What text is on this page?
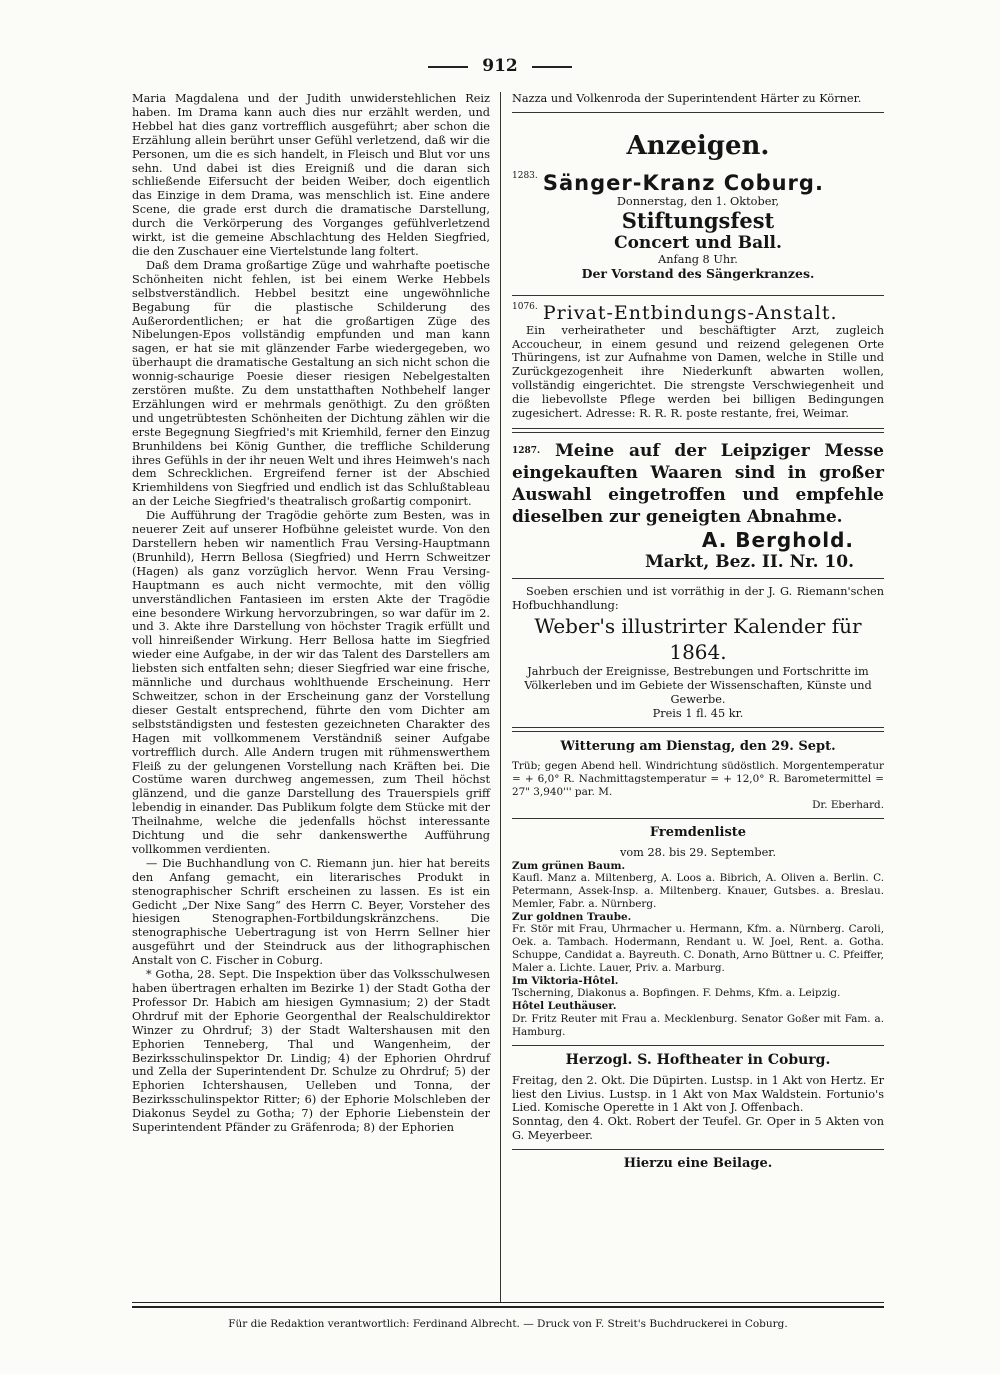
912

Maria Magdalena und der Judith unwiderstehlichen Reiz haben. Im Drama kann auch dies nur erzählt werden, und Hebbel hat dies ganz vortrefflich ausgeführt; aber schon die Erzählung allein berührt unser Gefühl verletzend, daß wir die Personen, um die es sich handelt, in Fleisch und Blut vor uns sehn. Und dabei ist dies Ereigniß und die daran sich schließende Eifersucht der beiden Weiber, doch eigentlich das Einzige in dem Drama, was menschlich ist. Eine andere Scene, die grade erst durch die dramatische Darstellung, durch die Verkörperung des Vorganges gefühlverletzend wirkt, ist die gemeine Abschlachtung des Helden Siegfried, die den Zuschauer eine Viertelstunde lang foltert.

Daß dem Drama großartige Züge und wahrhafte poetische Schönheiten nicht fehlen, ist bei einem Werke Hebbels selbstverständlich. Hebbel besitzt eine ungewöhnliche Begabung für die plastische Schilderung des Außerordentlichen; er hat die großartigen Züge des Nibelungen-Epos vollständig empfunden und man kann sagen, er hat sie mit glänzender Farbe wiedergegeben, wo überhaupt die dramatische Gestaltung an sich nicht schon die wonnig-schaurige Poesie dieser riesigen Nebelgestalten zerstören mußte. Zu dem unstatthaften Nothbehelf langer Erzählungen wird er mehrmals genöthigt. Zu den größten und ungetrübtesten Schönheiten der Dichtung zählen wir die erste Begegnung Siegfried's mit Kriemhild, ferner den Einzug Brunhildens bei König Gunther, die treffliche Schilderung ihres Gefühls in der ihr neuen Welt und ihres Heimweh's nach dem Schrecklichen. Ergreifend ferner ist der Abschied Kriemhildens von Siegfried und endlich ist das Schlußtableau an der Leiche Siegfried's theatralisch großartig componirt.

Die Aufführung der Tragödie gehörte zum Besten, was in neuerer Zeit auf unserer Hofbühne geleistet wurde. Von den Darstellern heben wir namentlich Frau Versing-Hauptmann (Brunhild), Herrn Bellosa (Siegfried) und Herrn Schweitzer (Hagen) als ganz vorzüglich hervor. Wenn Frau Versing-Hauptmann es auch nicht vermochte, mit den völlig unverständlichen Fantasieen im ersten Akte der Tragödie eine besondere Wirkung hervorzubringen, so war dafür im 2. und 3. Akte ihre Darstellung von höchster Tragik erfüllt und voll hinreißender Wirkung. Herr Bellosa hatte im Siegfried wieder eine Aufgabe, in der wir das Talent des Darstellers am liebsten sich entfalten sehn; dieser Siegfried war eine frische, männliche und durchaus wohlthuende Erscheinung. Herr Schweitzer, schon in der Erscheinung ganz der Vorstellung dieser Gestalt entsprechend, führte den vom Dichter am selbstständigsten und festesten gezeichneten Charakter des Hagen mit vollkommenem Verständniß seiner Aufgabe vortrefflich durch. Alle Andern trugen mit rühmenswerthem Fleiß zu der gelungenen Vorstellung nach Kräften bei. Die Costüme waren durchweg angemessen, zum Theil höchst glänzend, und die ganze Darstellung des Trauerspiels griff lebendig in einander. Das Publikum folgte dem Stücke mit der Theilnahme, welche die jedenfalls höchst interessante Dichtung und die sehr dankenswerthe Aufführung vollkommen verdienten.

— Die Buchhandlung von C. Riemann jun. hier hat bereits den Anfang gemacht, ein literarisches Produkt in stenographischer Schrift erscheinen zu lassen. Es ist ein Gedicht „Der Nixe Sang“ des Herrn C. Beyer, Vorsteher des hiesigen Stenographen-Fortbildungskränzchens. Die stenographische Uebertragung ist von Herrn Sellner hier ausgeführt und der Steindruck aus der lithographischen Anstalt von C. Fischer in Coburg.

* Gotha, 28. Sept. Die Inspektion über das Volksschulwesen haben übertragen erhalten im Bezirke 1) der Stadt Gotha der Professor Dr. Habich am hiesigen Gymnasium; 2) der Stadt Ohrdruf mit der Ephorie Georgenthal der Realschuldirektor Winzer zu Ohrdruf; 3) der Stadt Waltershausen mit den Ephorien Tenneberg, Thal und Wangenheim, der Bezirksschulinspektor Dr. Lindig; 4) der Ephorien Ohrdruf und Zella der Superintendent Dr. Schulze zu Ohrdruf; 5) der Ephorien Ichtershausen, Uelleben und Tonna, der Bezirksschulinspektor Ritter; 6) der Ephorie Molschleben der Diakonus Seydel zu Gotha; 7) der Ephorie Liebenstein der Superintendent Pfänder zu Gräfenroda; 8) der Ephorien

Nazza und Volkenroda der Superintendent Härter zu Körner.

Anzeigen.
$^{1283.}$ Sänger-Kranz Coburg.
Donnerstag, den 1. Oktober,
Stiftungsfest
Concert und Ball.
Anfang 8 Uhr.
Der Vorstand des Sängerkranzes.
$^{1076.}$ Privat-Entbindungs-Anstalt.

Ein verheiratheter und beschäftigter Arzt, zugleich Accoucheur, in einem gesund und reizend gelegenen Orte Thüringens, ist zur Aufnahme von Damen, welche in Stille und Zurückgezogenheit ihre Niederkunft abwarten wollen, vollständig eingerichtet. Die strengste Verschwiegenheit und die liebevollste Pflege werden bei billigen Bedingungen zugesichert. Adresse: R. R. R. poste restante, frei, Weimar.

$^{1287.}$ Meine auf der Leipziger Messe eingekauften Waaren sind in großer Auswahl eingetroffen und empfehle dieselben zur geneigten Abnahme.
A. Berghold.
Markt, Bez. II. Nr. 10.

Soeben erschien und ist vorräthig in der J. G. Riemann'schen Hofbuchhandlung:

Weber's illustrirter Kalender für 1864.

Jahrbuch der Ereignisse, Bestrebungen und Fortschritte im Völkerleben und im Gebiete der Wissenschaften, Künste und Gewerbe.

Preis 1 fl. 45 kr.
Witterung am Dienstag, den 29. Sept.

Trüb; gegen Abend hell. Windrichtung südöstlich. Morgentemperatur = + 6,0° R. Nachmittagstemperatur = + 12,0° R. Barometermittel = 27" 3,940''' par. M.

Dr. Eberhard.
Fremdenliste
vom 28. bis 29. September.
Zum grünen Baum.

Kaufl. Manz a. Miltenberg, A. Loos a. Bibrich, A. Oliven a. Berlin. C. Petermann, Assek-Insp. a. Miltenberg. Knauer, Gutsbes. a. Breslau. Memler, Fabr. a. Nürnberg.

Zur goldnen Traube.

Fr. Stör mit Frau, Uhrmacher u. Hermann, Kfm. a. Nürnberg. Caroli, Oek. a. Tambach. Hodermann, Rendant u. W. Joel, Rent. a. Gotha. Schuppe, Candidat a. Bayreuth. C. Donath, Arno Büttner u. C. Pfeiffer, Maler a. Lichte. Lauer, Priv. a. Marburg.

Im Viktoria-Hôtel.

Tscherning, Diakonus a. Bopfingen. F. Dehms, Kfm. a. Leipzig.

Hôtel Leuthäuser.

Dr. Fritz Reuter mit Frau a. Mecklenburg. Senator Goßer mit Fam. a. Hamburg.

Herzogl. S. Hoftheater in Coburg.

Freitag, den 2. Okt. Die Düpirten. Lustsp. in 1 Akt von Hertz. Er liest den Livius. Lustsp. in 1 Akt von Max Waldstein. Fortunio's Lied. Komische Operette in 1 Akt von J. Offenbach.

Sonntag, den 4. Okt. Robert der Teufel. Gr. Oper in 5 Akten von G. Meyerbeer.

Hierzu eine Beilage.
Für die Redaktion verantwortlich: Ferdinand Albrecht. — Druck von F. Streit's Buchdruckerei in Coburg.
